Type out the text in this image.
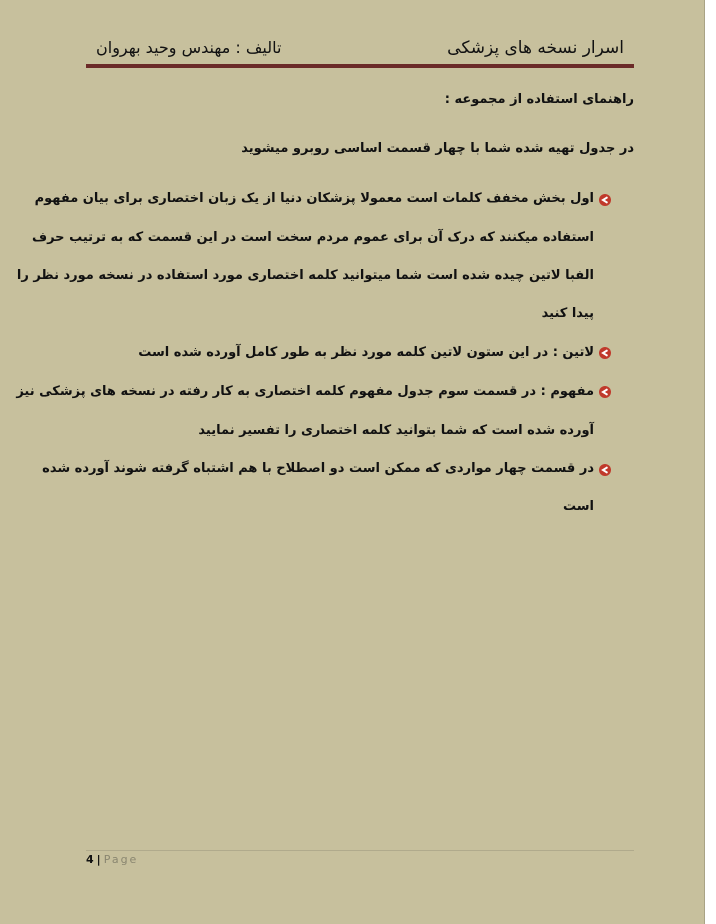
اسرار نسخه های پزشکی
تالیف : مهندس وحید بهروان
راهنمای استفاده از مجموعه :
در جدول تهیه شده شما با چهار قسمت اساسی روبرو میشوید
اول بخش مخفف کلمات است معمولا پزشکان دنیا از یک زبان اختصاری برای بیان مفهوم
استفاده میکنند که درک آن برای عموم مردم سخت است در این قسمت که به ترتیب حرف
الفبا لاتین چیده شده است شما میتوانید کلمه اختصاری مورد استفاده در نسخه مورد نظر را
پیدا کنید
لاتین : در این ستون لاتین کلمه مورد نظر به طور کامل آورده شده است
مفهوم : در قسمت سوم جدول مفهوم کلمه اختصاری به کار رفته در نسخه های پزشکی نیز
آورده شده است که شما بتوانید کلمه اختصاری را تفسیر نمایید
در قسمت چهار مواردی که ممکن است دو اصطلاح با هم اشتباه گرفته شوند آورده شده
است
4 | Page
